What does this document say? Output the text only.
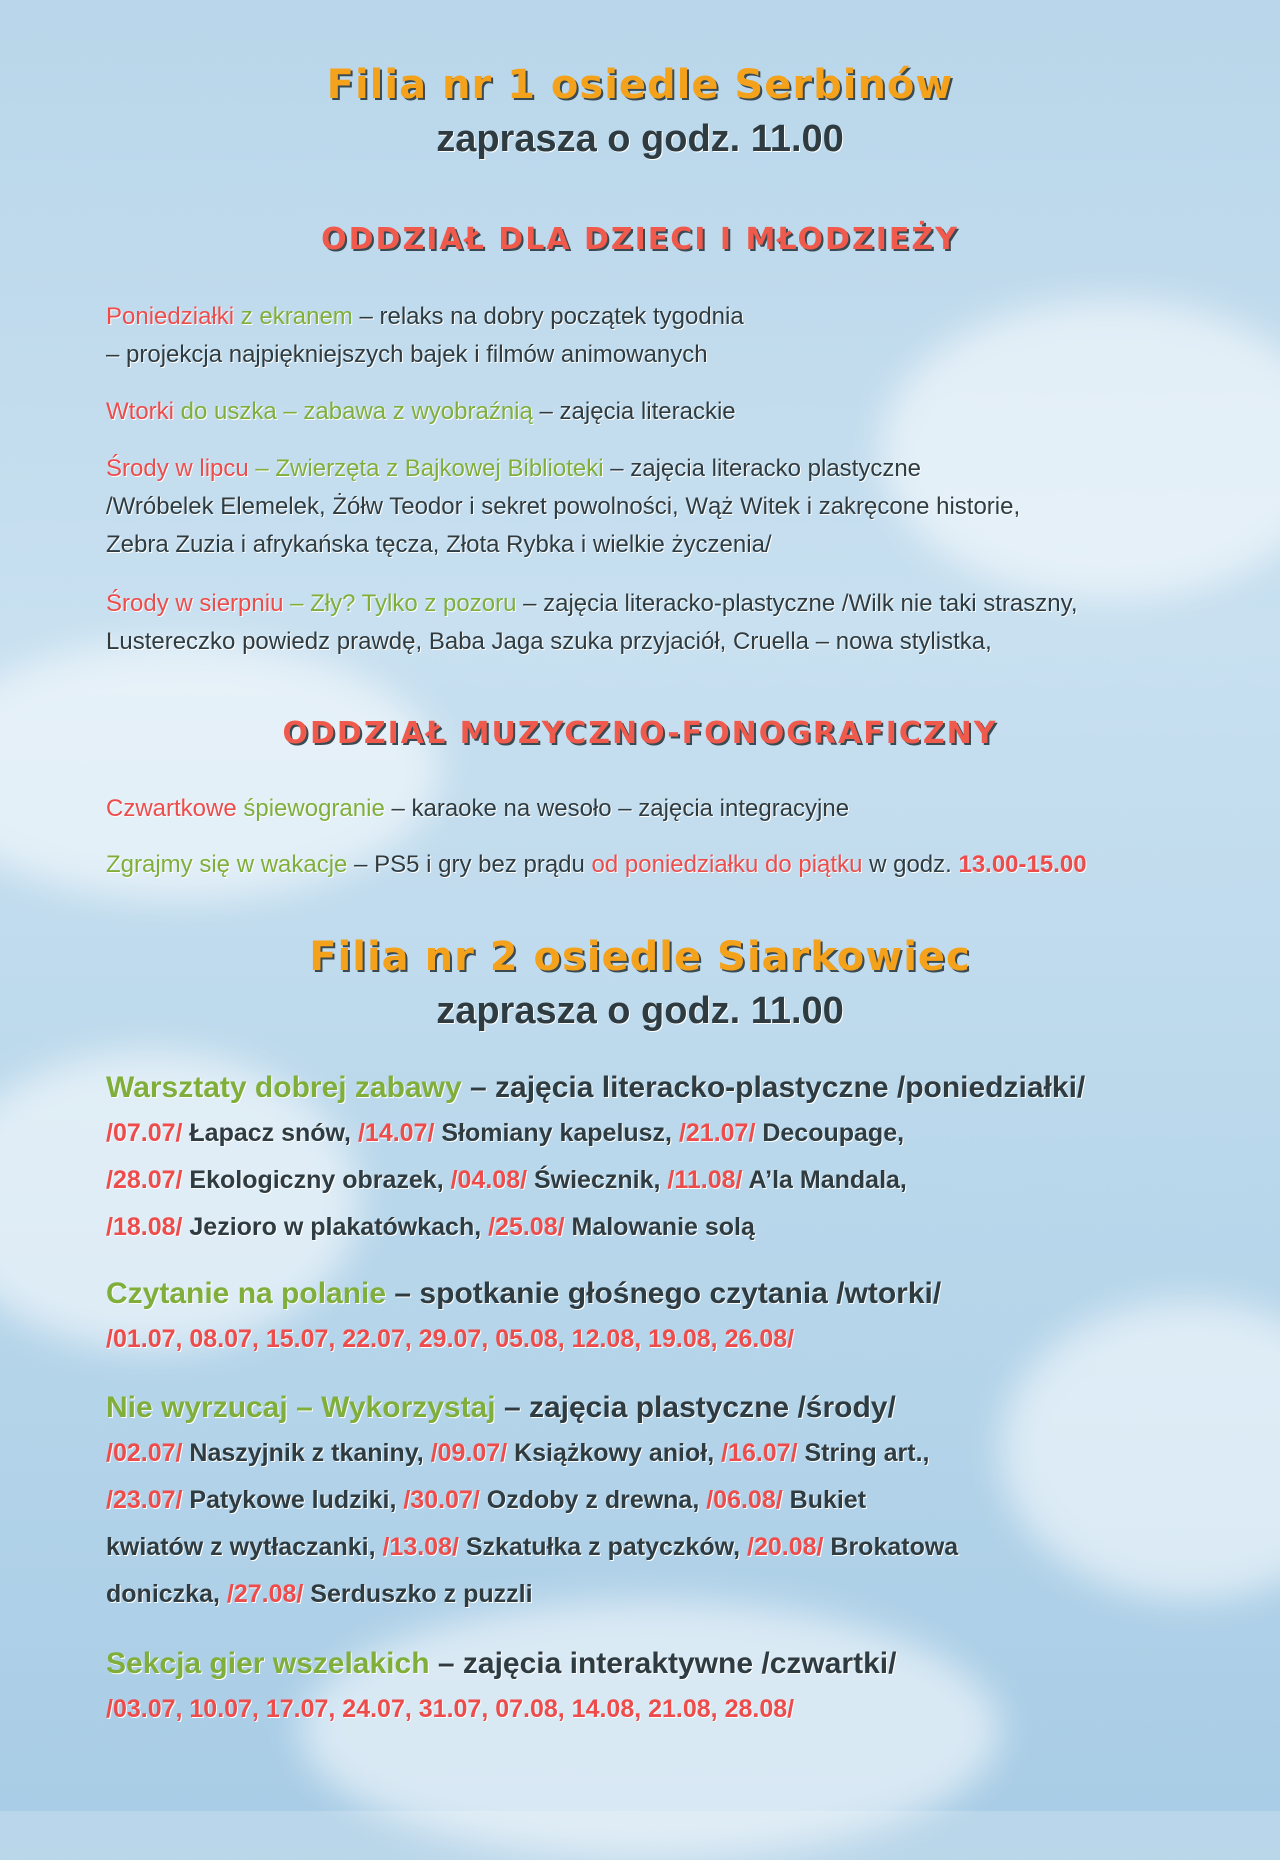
Filia nr 1 osiedle Serbinów
zaprasza o godz. 11.00
ODDZIAŁ DLA DZIECI I MŁODZIEŻY
Poniedziałki z ekranem – relaks na dobry początek tygodnia
– projekcja najpiękniejszych bajek i filmów animowanych
Wtorki do uszka – zabawa z wyobraźnią – zajęcia literackie
Środy w lipcu – Zwierzęta z Bajkowej Biblioteki – zajęcia literacko plastyczne
/Wróbelek Elemelek, Żółw Teodor i sekret powolności, Wąż Witek i zakręcone historie,
Zebra Zuzia i afrykańska tęcza, Złota Rybka i wielkie życzenia/
Środy w sierpniu – Zły? Tylko z pozoru – zajęcia literacko-plastyczne /Wilk nie taki straszny,
Lustereczko powiedz prawdę, Baba Jaga szuka przyjaciół, Cruella – nowa stylistka,
ODDZIAŁ MUZYCZNO-FONOGRAFICZNY
Czwartkowe śpiewogranie – karaoke na wesoło – zajęcia integracyjne
Zgrajmy się w wakacje – PS5 i gry bez prądu od poniedziałku do piątku w godz. 13.00-15.00
Filia nr 2 osiedle Siarkowiec
zaprasza o godz. 11.00
Warsztaty dobrej zabawy – zajęcia literacko-plastyczne /poniedziałki/
/07.07/ Łapacz snów, /14.07/ Słomiany kapelusz, /21.07/ Decoupage,
/28.07/ Ekologiczny obrazek, /04.08/ Świecznik, /11.08/ A’la Mandala,
/18.08/ Jezioro w plakatówkach, /25.08/ Malowanie solą
Czytanie na polanie – spotkanie głośnego czytania /wtorki/
/01.07, 08.07, 15.07, 22.07, 29.07, 05.08, 12.08, 19.08, 26.08/
Nie wyrzucaj – Wykorzystaj – zajęcia plastyczne /środy/
/02.07/ Naszyjnik z tkaniny, /09.07/ Książkowy anioł, /16.07/ String art.,
/23.07/ Patykowe ludziki, /30.07/ Ozdoby z drewna, /06.08/ Bukiet
kwiatów z wytłaczanki, /13.08/ Szkatułka z patyczków, /20.08/ Brokatowa
doniczka, /27.08/ Serduszko z puzzli
Sekcja gier wszelakich – zajęcia interaktywne /czwartki/
/03.07, 10.07, 17.07, 24.07, 31.07, 07.08, 14.08, 21.08, 28.08/
